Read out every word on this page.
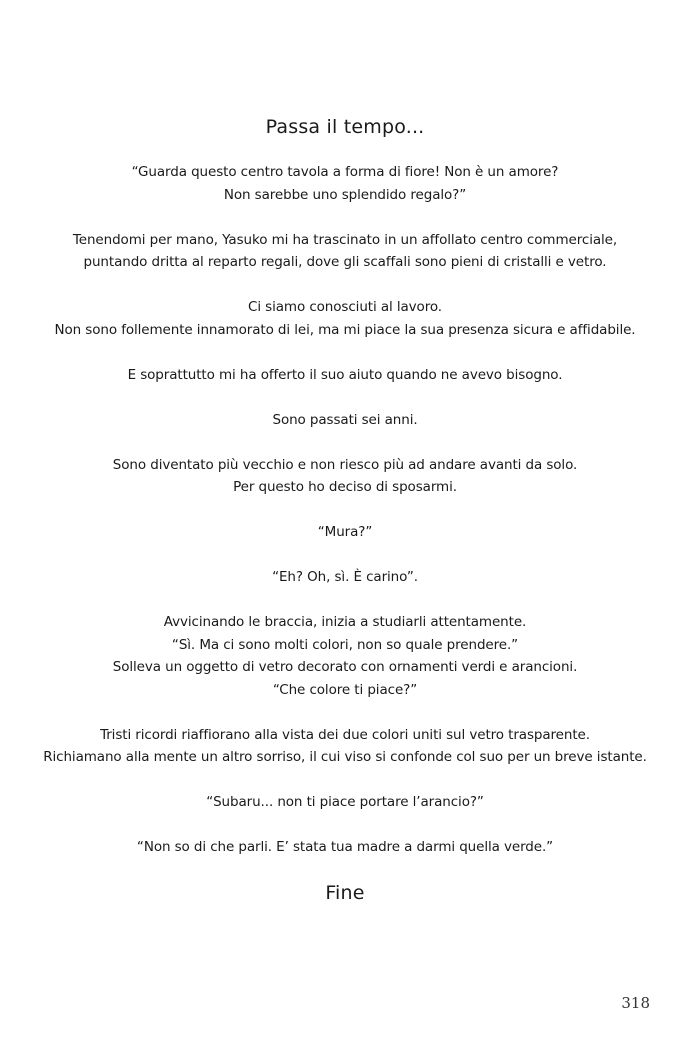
Passa il tempo...

“Guarda questo centro tavola a forma di fiore! Non è un amore?
Non sarebbe uno splendido regalo?”

Tenendomi per mano, Yasuko mi ha trascinato in un affollato centro commerciale,
puntando dritta al reparto regali, dove gli scaffali sono pieni di cristalli e vetro.

Ci siamo conosciuti al lavoro.
Non sono follemente innamorato di lei, ma mi piace la sua presenza sicura e affidabile.

E soprattutto mi ha offerto il suo aiuto quando ne avevo bisogno.

Sono passati sei anni.

Sono diventato più vecchio e non riesco più ad andare avanti da solo.
Per questo ho deciso di sposarmi.

“Mura?”

“Eh? Oh, sì. È carino”.

Avvicinando le braccia, inizia a studiarli attentamente.
“Sì. Ma ci sono molti colori, non so quale prendere.”
Solleva un oggetto di vetro decorato con ornamenti verdi e arancioni.
“Che colore ti piace?”

Tristi ricordi riaffiorano alla vista dei due colori uniti sul vetro trasparente.
Richiamano alla mente un altro sorriso, il cui viso si confonde col suo per un breve istante.

“Subaru... non ti piace portare l’arancio?”

“Non so di che parli. E’ stata tua madre a darmi quella verde.”

Fine
318
